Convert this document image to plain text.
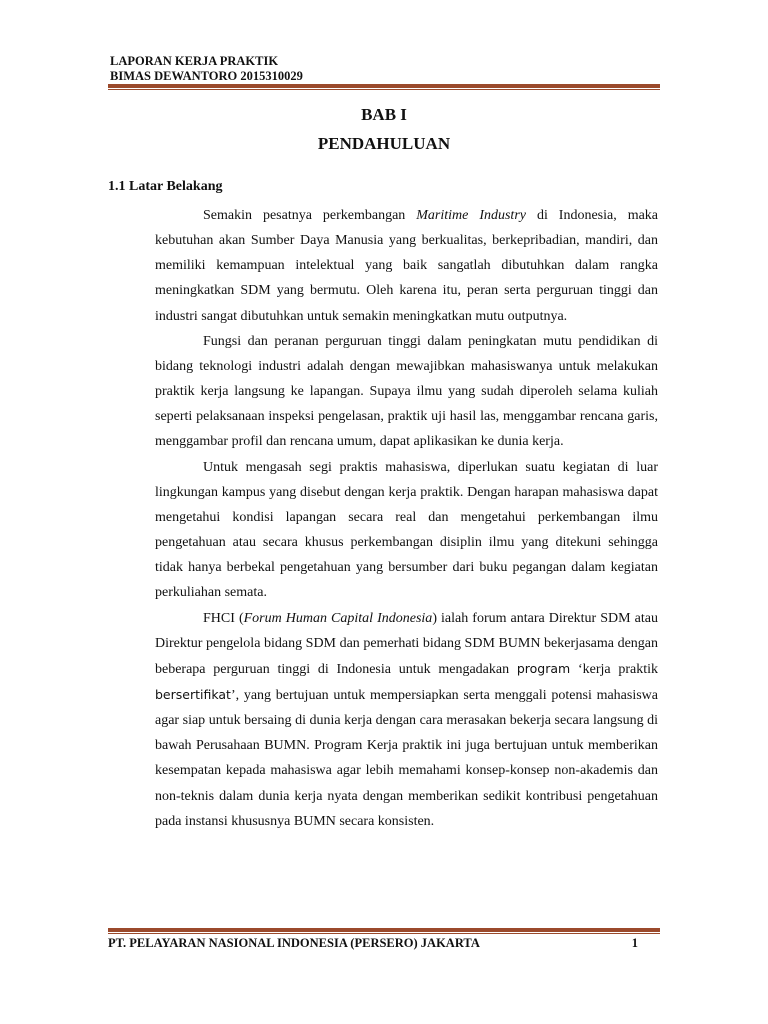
LAPORAN KERJA PRAKTIK
BIMAS DEWANTORO 2015310029
BAB I
PENDAHULUAN
1.1 Latar Belakang

Semakin pesatnya perkembangan Maritime Industry di Indonesia, maka kebutuhan akan Sumber Daya Manusia yang berkualitas, berkepribadian, mandiri, dan memiliki kemampuan intelektual yang baik sangatlah dibutuhkan dalam rangka meningkatkan SDM yang bermutu. Oleh karena itu, peran serta perguruan tinggi dan industri sangat dibutuhkan untuk semakin meningkatkan mutu outputnya.

Fungsi dan peranan perguruan tinggi dalam peningkatan mutu pendidikan di bidang teknologi industri adalah dengan mewajibkan mahasiswanya untuk melakukan praktik kerja langsung ke lapangan. Supaya ilmu yang sudah diperoleh selama kuliah seperti pelaksanaan inspeksi pengelasan, praktik uji hasil las, menggambar rencana garis, menggambar profil dan rencana umum, dapat aplikasikan ke dunia kerja.

Untuk mengasah segi praktis mahasiswa, diperlukan suatu kegiatan di luar lingkungan kampus yang disebut dengan kerja praktik. Dengan harapan mahasiswa dapat mengetahui kondisi lapangan secara real dan mengetahui perkembangan ilmu pengetahuan atau secara khusus perkembangan disiplin ilmu yang ditekuni sehingga tidak hanya berbekal pengetahuan yang bersumber dari buku pegangan dalam kegiatan perkuliahan semata.

FHCI (Forum Human Capital Indonesia) ialah forum antara Direktur SDM atau Direktur pengelola bidang SDM dan pemerhati bidang SDM BUMN bekerjasama dengan beberapa perguruan tinggi di Indonesia untuk mengadakan program ‘kerja praktik bersertifikat’, yang bertujuan untuk mempersiapkan serta menggali potensi mahasiswa agar siap untuk bersaing di dunia kerja dengan cara merasakan bekerja secara langsung di bawah Perusahaan BUMN. Program Kerja praktik ini juga bertujuan untuk memberikan kesempatan kepada mahasiswa agar lebih memahami konsep-konsep non-akademis dan non-teknis dalam dunia kerja nyata dengan memberikan sedikit kontribusi pengetahuan pada instansi khususnya BUMN secara konsisten.

PT. PELAYARAN NASIONAL INDONESIA (PERSERO) JAKARTA	1
